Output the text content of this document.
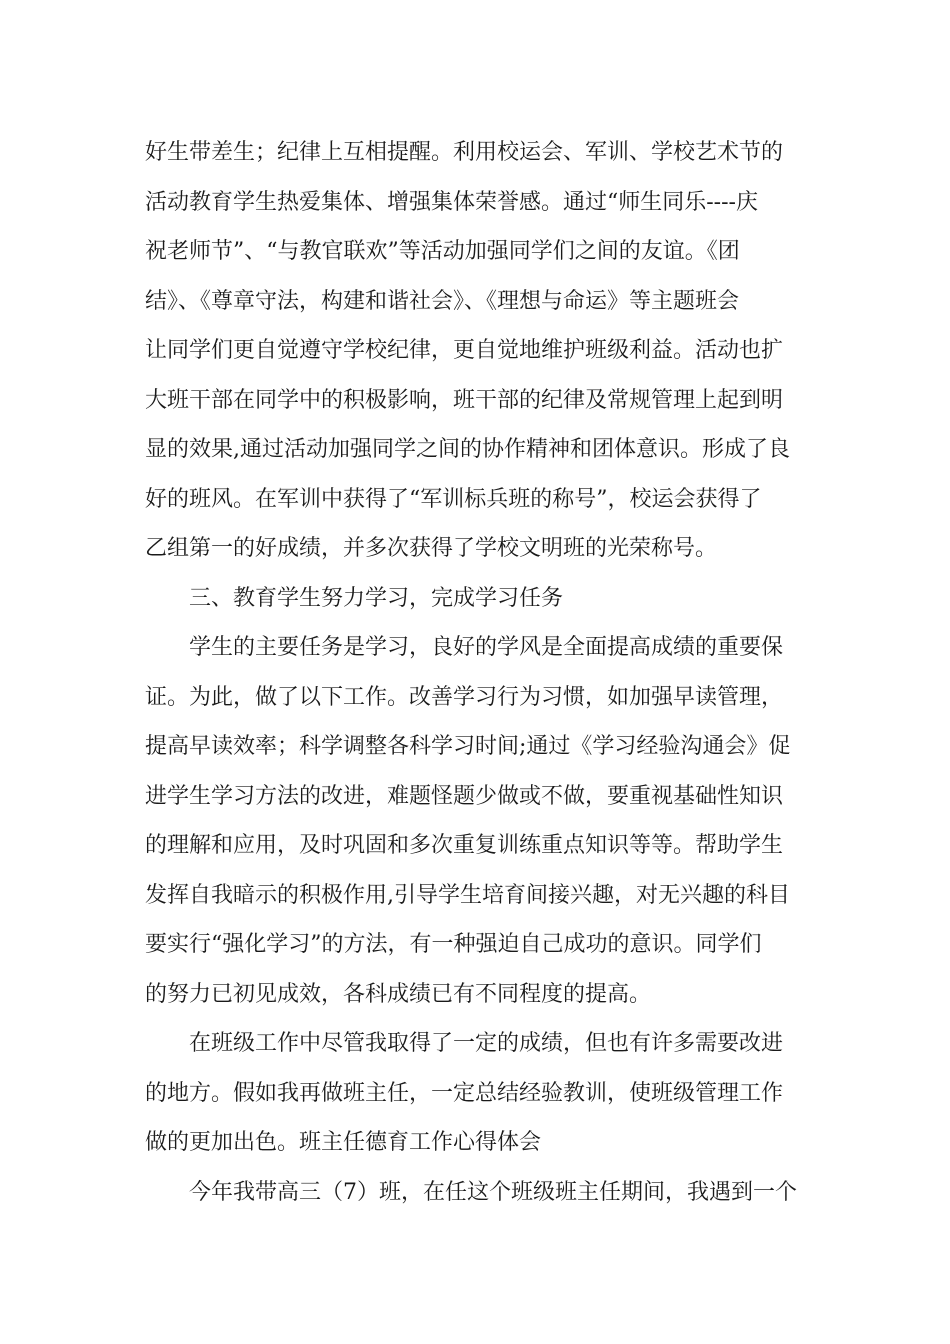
好生带差生；纪律上互相提醒。利用校运会、军训、学校艺术节的
活动教育学生热爱集体、增强集体荣誉感。通过“师生同乐----庆
祝老师节”、“与教官联欢”等活动加强同学们之间的友谊。《团
结》、《尊章守法，构建和谐社会》、《理想与命运》等主题班会
让同学们更自觉遵守学校纪律，更自觉地维护班级利益。活动也扩
大班干部在同学中的积极影响，班干部的纪律及常规管理上起到明
显的效果,通过活动加强同学之间的协作精神和团体意识。形成了良
好的班风。在军训中获得了“军训标兵班的称号”，校运会获得了
乙组第一的好成绩，并多次获得了学校文明班的光荣称号。
三、教育学生努力学习，完成学习任务
学生的主要任务是学习，良好的学风是全面提高成绩的重要保
证。为此，做了以下工作。改善学习行为习惯，如加强早读管理，
提高早读效率；科学调整各科学习时间;通过《学习经验沟通会》促
进学生学习方法的改进，难题怪题少做或不做，要重视基础性知识
的理解和应用，及时巩固和多次重复训练重点知识等等。帮助学生
发挥自我暗示的积极作用,引导学生培育间接兴趣，对无兴趣的科目
要实行“强化学习”的方法，有一种强迫自己成功的意识。同学们
的努力已初见成效，各科成绩已有不同程度的提高。
在班级工作中尽管我取得了一定的成绩，但也有许多需要改进
的地方。假如我再做班主任，一定总结经验教训，使班级管理工作
做的更加出色。班主任德育工作心得体会
今年我带高三（7）班，在任这个班级班主任期间，我遇到一个
